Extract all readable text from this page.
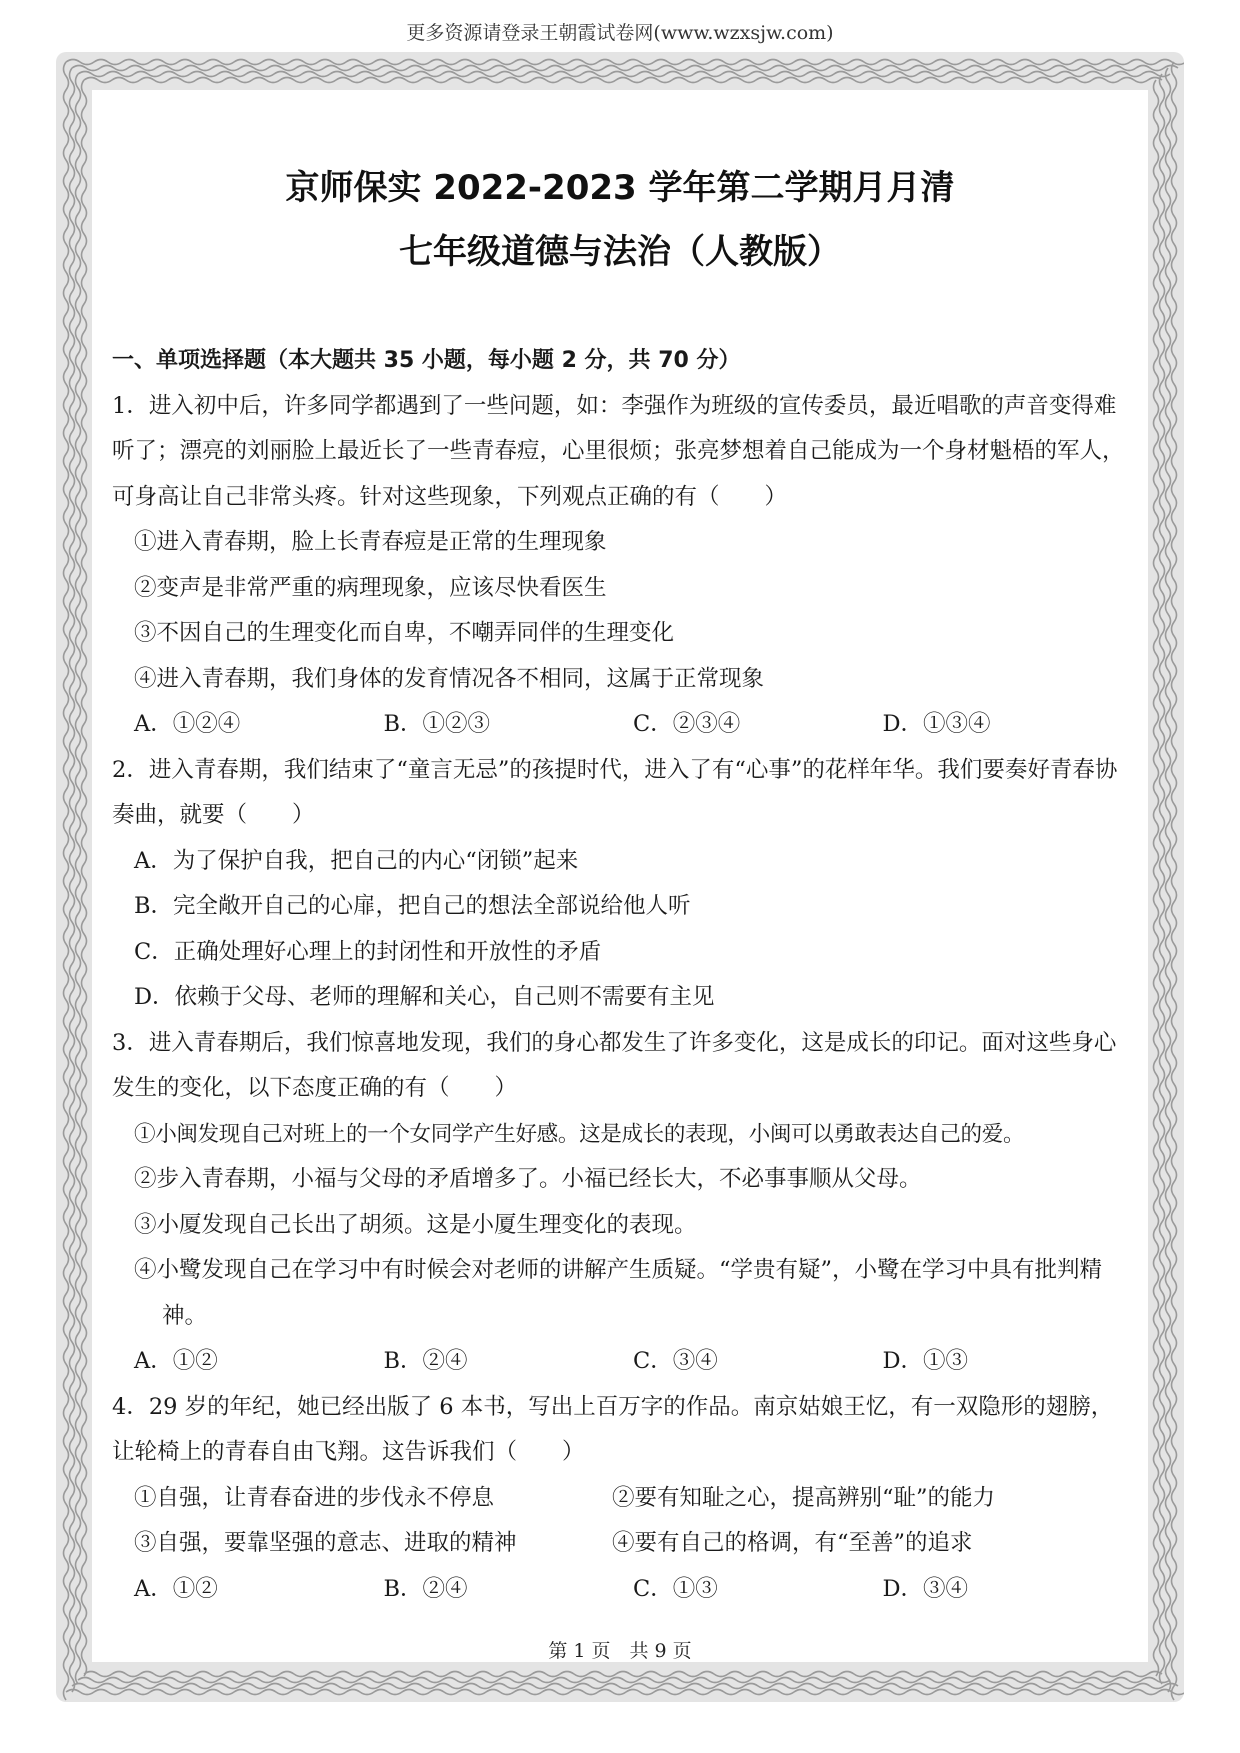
更多资源请登录王朝霞试卷网(www.wzxsjw.com)
京师保实 2022-2023 学年第二学期月月清
七年级道德与法治（人教版）
一、单项选择题（本大题共 35 小题，每小题 2 分，共 70 分）
1．进入初中后，许多同学都遇到了一些问题，如：李强作为班级的宣传委员，最近唱歌的声音变得难听了；漂亮的刘丽脸上最近长了一些青春痘，心里很烦；张亮梦想着自己能成为一个身材魁梧的军人，可身高让自己非常头疼。针对这些现象，下列观点正确的有（　　）
①进入青春期，脸上长青春痘是正常的生理现象
②变声是非常严重的病理现象，应该尽快看医生
③不因自己的生理变化而自卑，不嘲弄同伴的生理变化
④进入青春期，我们身体的发育情况各不相同，这属于正常现象
A．①②④	B．①②③	C．②③④	D．①③④
2．进入青春期，我们结束了“童言无忌”的孩提时代，进入了有“心事”的花样年华。我们要奏好青春协奏曲，就要（　　）
A．为了保护自我，把自己的内心“闭锁”起来
B．完全敞开自己的心扉，把自己的想法全部说给他人听
C．正确处理好心理上的封闭性和开放性的矛盾
D．依赖于父母、老师的理解和关心，自己则不需要有主见
3．进入青春期后，我们惊喜地发现，我们的身心都发生了许多变化，这是成长的印记。面对这些身心发生的变化，以下态度正确的有（　　）
①小闽发现自己对班上的一个女同学产生好感。这是成长的表现，小闽可以勇敢表达自己的爱。
②步入青春期，小福与父母的矛盾增多了。小福已经长大，不必事事顺从父母。
③小厦发现自己长出了胡须。这是小厦生理变化的表现。
④小鹭发现自己在学习中有时候会对老师的讲解产生质疑。“学贵有疑”，小鹭在学习中具有批判精神。
A．①②	B．②④	C．③④	D．①③
4．29 岁的年纪，她已经出版了 6 本书，写出上百万字的作品。南京姑娘王忆，有一双隐形的翅膀，让轮椅上的青春自由飞翔。这告诉我们（　　）
①自强，让青春奋进的步伐永不停息	②要有知耻之心，提高辨别“耻”的能力
③自强，要靠坚强的意志、进取的精神	④要有自己的格调，有“至善”的追求
A．①②	B．②④	C．①③	D．③④
第 1 页　共 9 页
